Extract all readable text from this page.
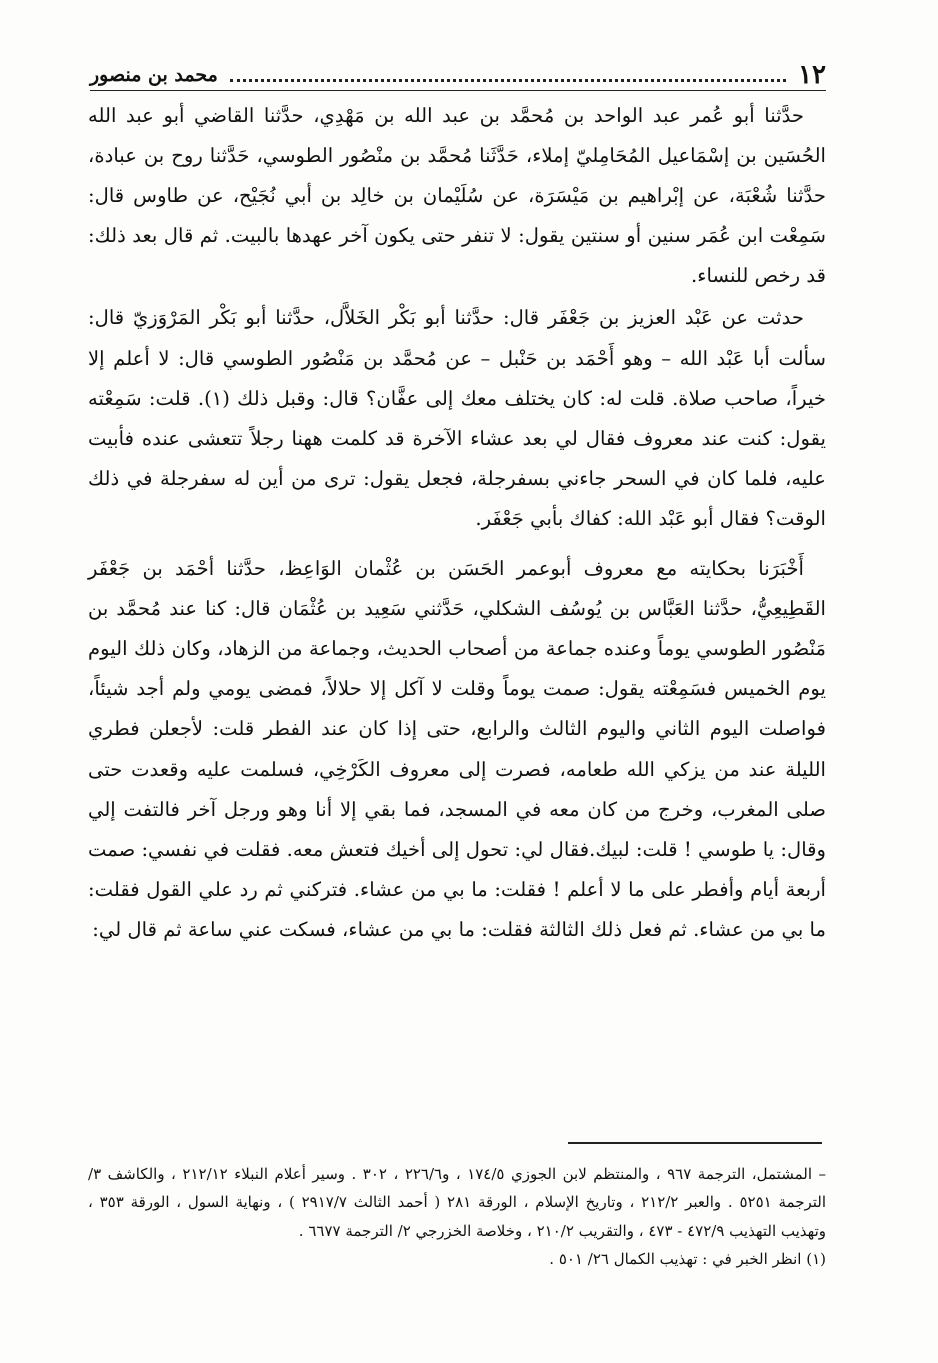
١٢
محمد بن منصور

حدَّثنا أبو عُمر عبد الواحد بن مُحمَّد بن عبد الله بن مَهْدِي، حدَّثنا القاضي أبو عبد الله الحُسَين بن إسْمَاعيل المُحَامِليّ إملاء، حَدَّثَنا مُحمَّد بن منْصُور الطوسي، حَدَّثنا روح بن عبادة، حدَّثنا شُعْبَة، عن إبْراهيم بن مَيْسَرَة، عن سُلَيْمان بن خالِد بن أبي نُجَيْح، عن طاوس قال: سَمِعْت ابن عُمَر سنين أو سنتين يقول: لا تنفر حتى يكون آخر عهدها بالبيت. ثم قال بعد ذلك: قد رخص للنساء.

حدثت عن عَبْد العزيز بن جَعْفَر قال: حدَّثنا أبو بَكْر الخَلاَّل، حدَّثنا أبو بَكْر المَرْوَزيّ قال: سألت أبا عَبْد الله – وهو أَحْمَد بن حَنْبل – عن مُحمَّد بن مَنْصُور الطوسي قال: لا أعلم إلا خيراً، صاحب صلاة. قلت له: كان يختلف معك إلى عفَّان؟ قال: وقبل ذلك (١). قلت: سَمِعْته يقول: كنت عند معروف فقال لي بعد عشاء الآخرة قد كلمت ههنا رجلاً تتعشى عنده فأبيت عليه، فلما كان في السحر جاءني بسفرجلة، فجعل يقول: ترى من أين له سفرجلة في ذلك الوقت؟ فقال أبو عَبْد الله: كفاك بأبي جَعْفَر.

أَخْبَرَنا بحكايته مع معروف أبوعمر الحَسَن بن عُثْمان الوَاعِظ، حدَّثنا أحْمَد بن جَعْفَر القَطِيعِيُّ، حدَّثنا العَبَّاس بن يُوسُف الشكلي، حَدَّثني سَعِيد بن عُثْمَان قال: كنا عند مُحمَّد بن مَنْصُور الطوسي يوماً وعنده جماعة من أصحاب الحديث، وجماعة من الزهاد، وكان ذلك اليوم يوم الخميس فسَمِعْته يقول: صمت يوماً وقلت لا آكل إلا حلالاً، فمضى يومي ولم أجد شيئاً، فواصلت اليوم الثاني واليوم الثالث والرابع، حتى إذا كان عند الفطر قلت: لأجعلن فطري الليلة عند من يزكي الله طعامه، فصرت إلى معروف الكَرْخِي، فسلمت عليه وقعدت حتى صلى المغرب، وخرج من كان معه في المسجد، فما بقي إلا أنا وهو ورجل آخر فالتفت إلي وقال: يا طوسي ! قلت: لبيك.فقال لي: تحول إلى أخيك فتعش معه. فقلت في نفسي: صمت أربعة أيام وأفطر على ما لا أعلم ! فقلت: ما بي من عشاء. فتركني ثم رد علي القول فقلت: ما بي من عشاء. ثم فعل ذلك الثالثة فقلت: ما بي من عشاء، فسكت عني ساعة ثم قال لي:

– المشتمل، الترجمة ٩٦٧ ، والمنتظم لابن الجوزي ١٧٤/٥ ، و٢٢٦/٦ ، ٣٠٢ . وسير أعلام النبلاء ٢١٢/١٢ ، والكاشف ٣/ الترجمة ٥٢٥١ . والعبر ٢١٢/٢ ، وتاريخ الإسلام ، الورقة ٢٨١ ( أحمد الثالث ٢٩١٧/٧ ) ، ونهاية السول ، الورقة ٣٥٣ ، وتهذيب التهذيب ٤٧٢/٩ - ٤٧٣ ، والتقريب ٢١٠/٢ ، وخلاصة الخزرجي ٢/ الترجمة ٦٦٧٧ .

(١) انظر الخبر في : تهذيب الكمال ٢٦/ ٥٠١ .
